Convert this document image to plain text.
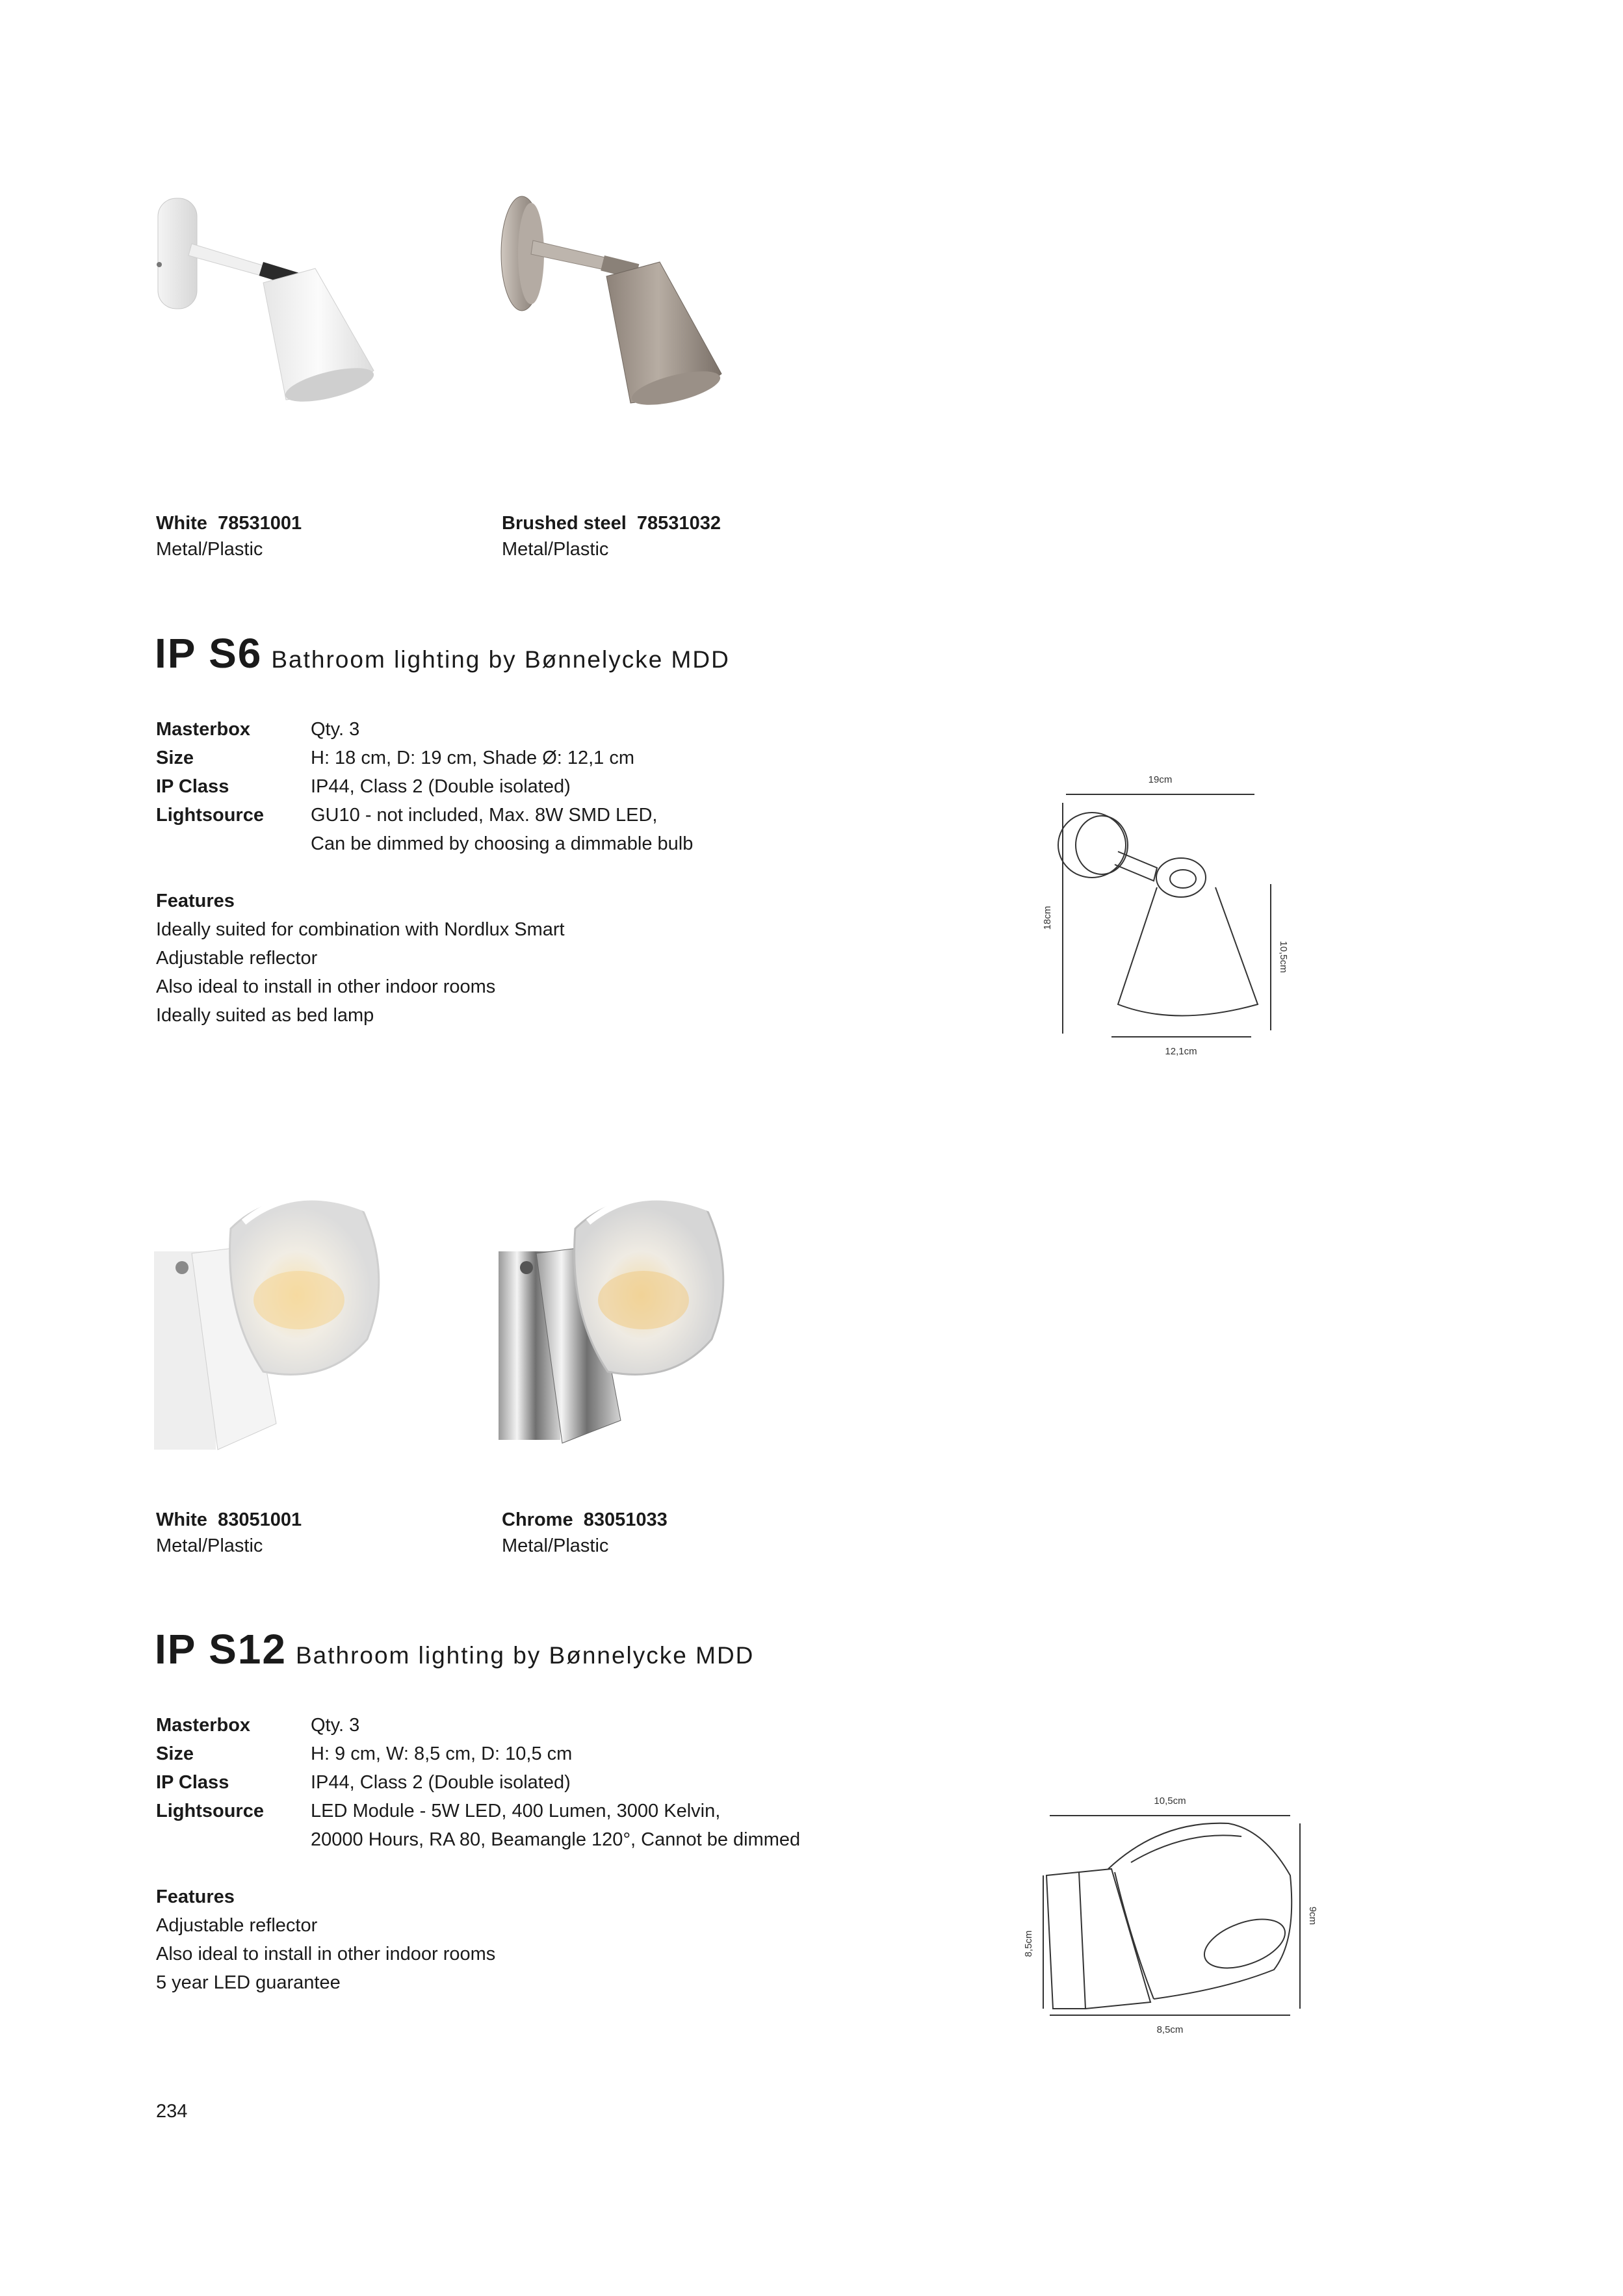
White 78531001
Metal/Plastic
Brushed steel 78531032
Metal/Plastic
IP S6 Bathroom lighting by Bønnelycke MDD
Masterbox	Qty. 3
Size	H: 18 cm, D: 19 cm, Shade Ø: 12,1 cm
IP Class	IP44, Class 2 (Double isolated)
Lightsource	GU10 - not included, Max. 8W SMD LED,
Can be dimmed by choosing a dimmable bulb
Features
Ideally suited for combination with Nordlux Smart
Adjustable reflector
Also ideal to install in other indoor rooms
Ideally suited as bed lamp
19cm
18cm
10,5cm
12,1cm
White 83051001
Metal/Plastic
Chrome 83051033
Metal/Plastic
IP S12 Bathroom lighting by Bønnelycke MDD
Masterbox	Qty. 3
Size	H: 9 cm, W: 8,5 cm, D: 10,5 cm
IP Class	IP44, Class 2 (Double isolated)
Lightsource	LED Module - 5W LED, 400 Lumen, 3000 Kelvin,
20000 Hours, RA 80, Beamangle 120°, Cannot be dimmed
Features
Adjustable reflector
Also ideal to install in other indoor rooms
5 year LED guarantee
10,5cm
8,5cm
9cm
8,5cm
234
